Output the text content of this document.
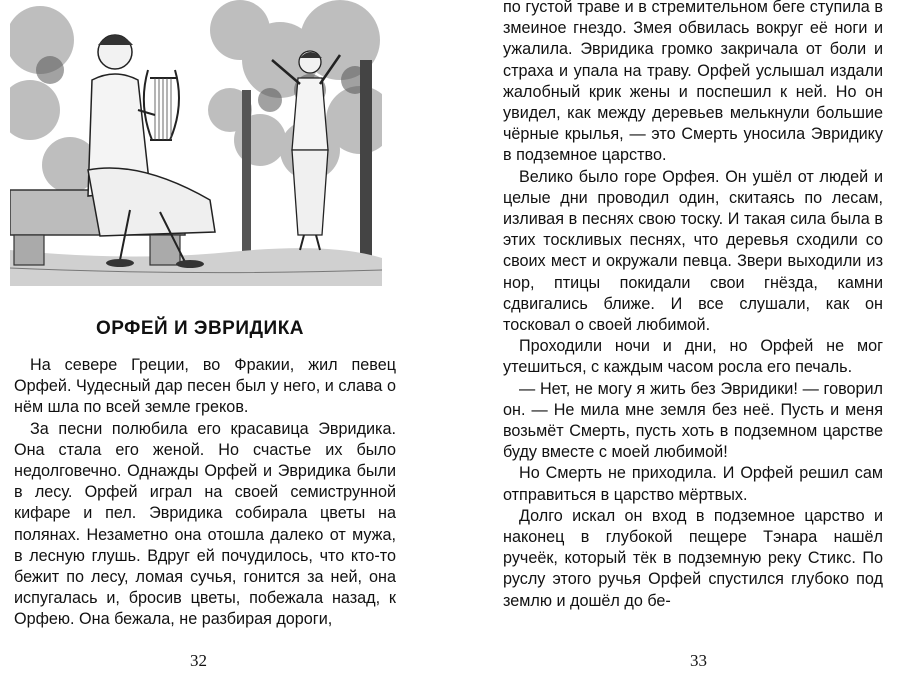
ОРФЕЙ И ЭВРИДИКА

На севере Греции, во Фракии, жил певец Орфей. Чудесный дар песен был у него, и слава о нём шла по всей земле греков.

За песни полюбила его красавица Эвридика. Она стала его женой. Но счастье их было недолговечно. Однажды Орфей и Эвридика были в лесу. Орфей играл на своей семиструнной кифаре и пел. Эвридика собирала цветы на полянах. Незаметно она отошла далеко от мужа, в лесную глушь. Вдруг ей почудилось, что кто-то бежит по лесу, ломая сучья, гонится за ней, она испугалась и, бросив цветы, побежала назад, к Орфею. Она бежала, не разбирая дороги,

32

по густой траве и в стремительном беге ступила в змеиное гнездо. Змея обвилась вокруг её ноги и ужалила. Эвридика громко закричала от боли и страха и упала на траву. Орфей услышал издали жалобный крик жены и поспешил к ней. Но он увидел, как между деревьев мелькнули большие чёрные крылья, — это Смерть уносила Эвридику в подземное царство.

Велико было горе Орфея. Он ушёл от людей и целые дни проводил один, скитаясь по лесам, изливая в песнях свою тоску. И такая сила была в этих тоскливых песнях, что деревья сходили со своих мест и окружали певца. Звери выходили из нор, птицы покидали свои гнёзда, камни сдвигались ближе. И все слушали, как он тосковал о своей любимой.

Проходили ночи и дни, но Орфей не мог утешиться, с каждым часом росла его печаль.

— Нет, не могу я жить без Эвридики! — говорил он. — Не мила мне земля без неё. Пусть и меня возьмёт Смерть, пусть хоть в подземном царстве буду вместе с моей любимой!

Но Смерть не приходила. И Орфей решил сам отправиться в царство мёртвых.

Долго искал он вход в подземное царство и наконец в глубокой пещере Тэнара нашёл ручеёк, который тёк в подземную реку Стикс. По руслу этого ручья Орфей спустился глубоко под землю и дошёл до бе-

33
